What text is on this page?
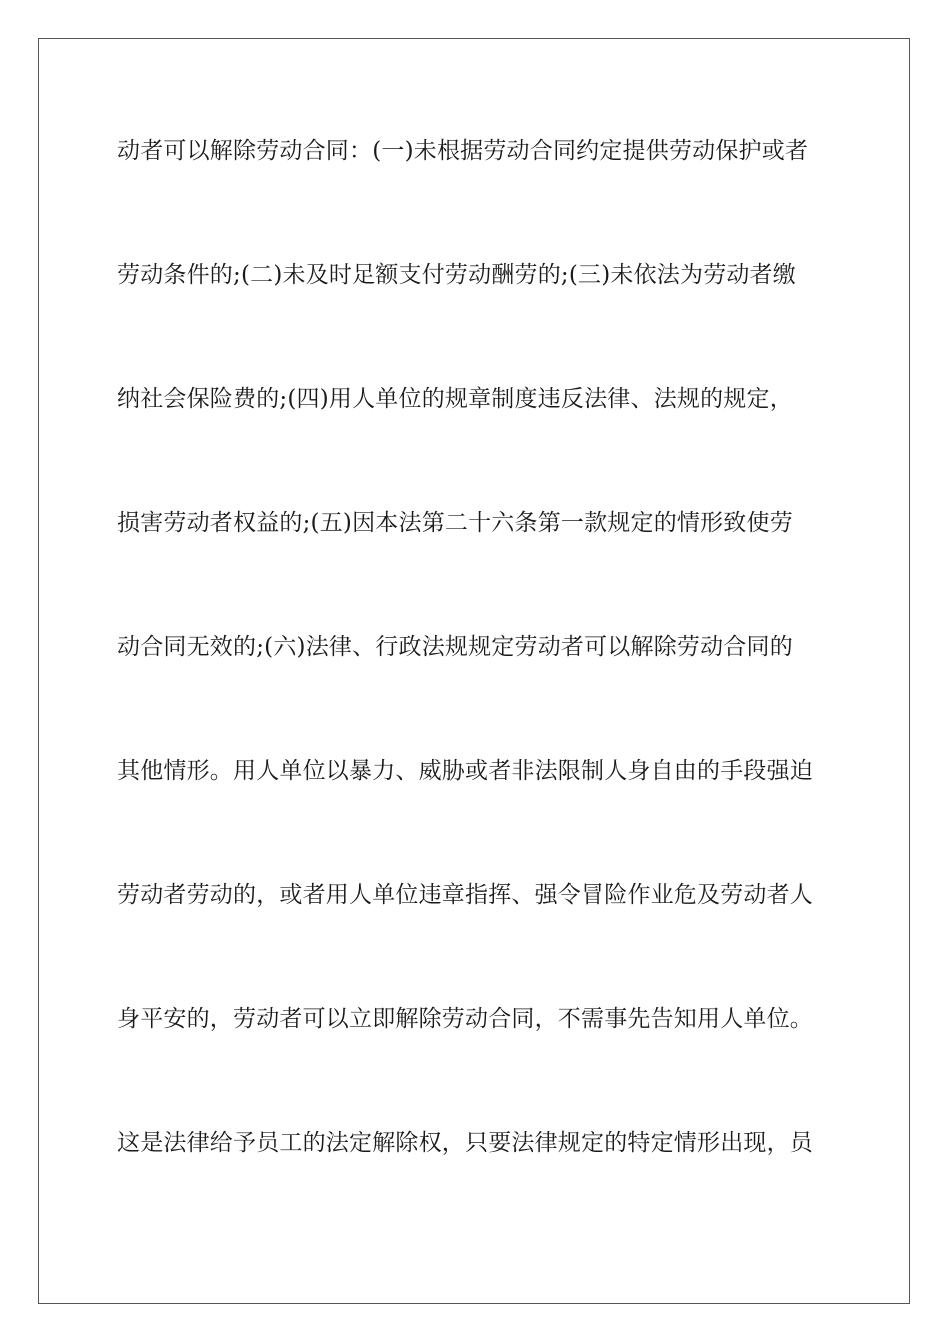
动者可以解除劳动合同：(一)未根据劳动合同约定提供劳动保护或者
劳动条件的;(二)未及时足额支付劳动酬劳的;(三)未依法为劳动者缴
纳社会保险费的;(四)用人单位的规章制度违反法律、法规的规定，
损害劳动者权益的;(五)因本法第二十六条第一款规定的情形致使劳
动合同无效的;(六)法律、行政法规规定劳动者可以解除劳动合同的
其他情形。用人单位以暴力、威胁或者非法限制人身自由的手段强迫
劳动者劳动的，或者用人单位违章指挥、强令冒险作业危及劳动者人
身平安的，劳动者可以立即解除劳动合同，不需事先告知用人单位。
这是法律给予员工的法定解除权，只要法律规定的特定情形出现，员
